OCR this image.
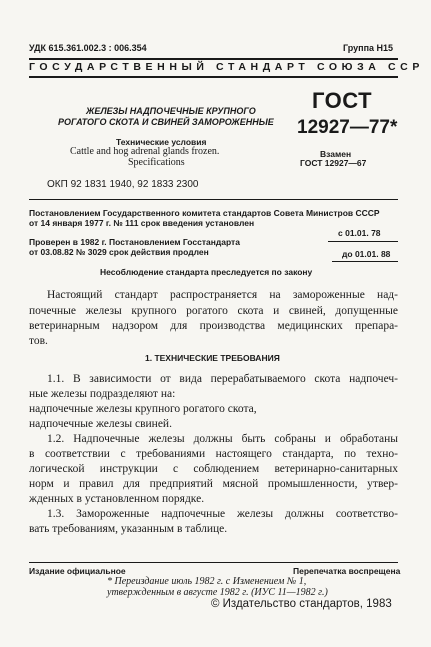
УДК 615.361.002.3 : 006.354	Группа Н15
ГОСУДАРСТВЕННЫЙ СТАНДАРТ СОЮЗА ССР
ЖЕЛЕЗЫ НАДПОЧЕЧНЫЕ КРУПНОГО
РОГАТОГО СКОТА И СВИНЕЙ ЗАМОРОЖЕННЫЕ
Технические условия
Cattle and hog adrenal glands frozen.
Specifications
ОКП 92 1831 1940, 92 1833 2300
ГОСТ
12927—77*
Взамен
ГОСТ 12927—67
Постановлением Государственного комитета стандартов Совета Министров СССР
от 14 января 1977 г. № 111 срок введения установлен
с 01.01. 78
Проверен в 1982 г. Постановлением Госстандарта
от 03.08.82 № 3029 срок действия продлен	до 01.01. 88
Несоблюдение стандарта преследуется по закону
Настоящий стандарт распространяется на замороженные над-
почечные железы крупного рогатого скота и свиней, допущенные
ветеринарным надзором для производства медицинских препара-
тов.
1. ТЕХНИЧЕСКИЕ ТРЕБОВАНИЯ
1.1. В зависимости от вида перерабатываемого скота надпочеч-
ные железы подразделяют на:
надпочечные железы крупного рогатого скота,
надпочечные железы свиней.
1.2. Надпочечные железы должны быть собраны и обработаны
в соответствии с требованиями настоящего стандарта, по техно-
логической инструкции с соблюдением ветеринарно-санитарных
норм и правил для предприятий мясной промышленности, утвер-
жденных в установленном порядке.
1.3. Замороженные надпочечные железы должны соответство-
вать требованиям, указанным в таблице.
Издание официальное	Перепечатка воспрещена
* Переиздание июль 1982 г. с Изменением № 1,
утвержденным в августе 1982 г. (ИУС 11—1982 г.)
© Издательство стандартов, 1983
